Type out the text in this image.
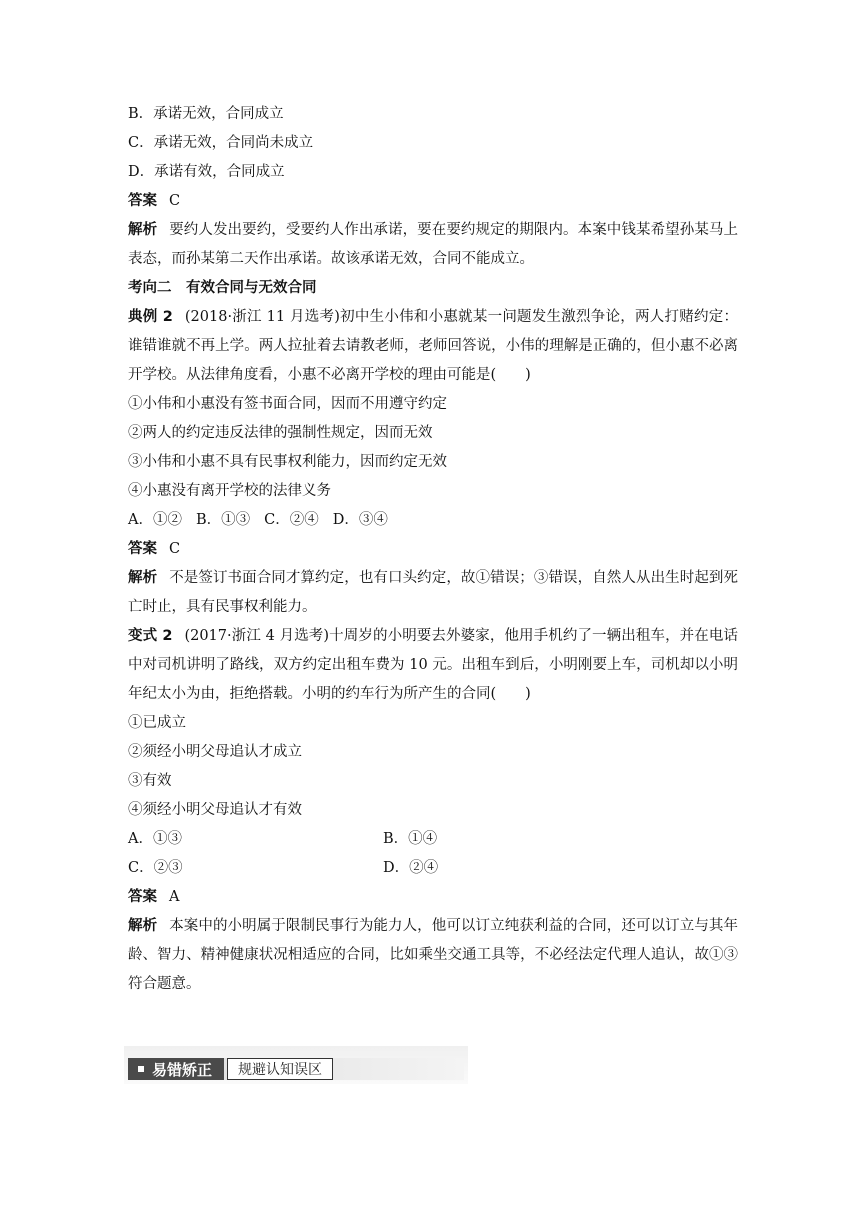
B．承诺无效，合同成立
C．承诺无效，合同尚未成立
D．承诺有效，合同成立
答案 C
解析 要约人发出要约，受要约人作出承诺，要在要约规定的期限内。本案中钱某希望孙某马上表态，而孙某第二天作出承诺。故该承诺无效，合同不能成立。
考向二　有效合同与无效合同
典例 2 (2018·浙江 11 月选考)初中生小伟和小惠就某一问题发生激烈争论，两人打赌约定：谁错谁就不再上学。两人拉扯着去请教老师，老师回答说，小伟的理解是正确的，但小惠不必离开学校。从法律角度看，小惠不必离开学校的理由可能是(　　)
①小伟和小惠没有签书面合同，因而不用遵守约定
②两人的约定违反法律的强制性规定，因而无效
③小伟和小惠不具有民事权利能力，因而约定无效
④小惠没有离开学校的法律义务
A．①② B．①③ C．②④ D．③④
答案 C
解析 不是签订书面合同才算约定，也有口头约定，故①错误；③错误，自然人从出生时起到死亡时止，具有民事权利能力。
变式 2 (2017·浙江 4 月选考)十周岁的小明要去外婆家，他用手机约了一辆出租车，并在电话中对司机讲明了路线，双方约定出租车费为 10 元。出租车到后，小明刚要上车，司机却以小明年纪太小为由，拒绝搭载。小明的约车行为所产生的合同(　　)
①已成立
②须经小明父母追认才成立
③有效
④须经小明父母追认才有效
A．①③	B．①④
C．②③	D．②④
答案 A
解析 本案中的小明属于限制民事行为能力人，他可以订立纯获利益的合同，还可以订立与其年龄、智力、精神健康状况相适应的合同，比如乘坐交通工具等，不必经法定代理人追认，故①③符合题意。
易错矫正	规避认知误区
